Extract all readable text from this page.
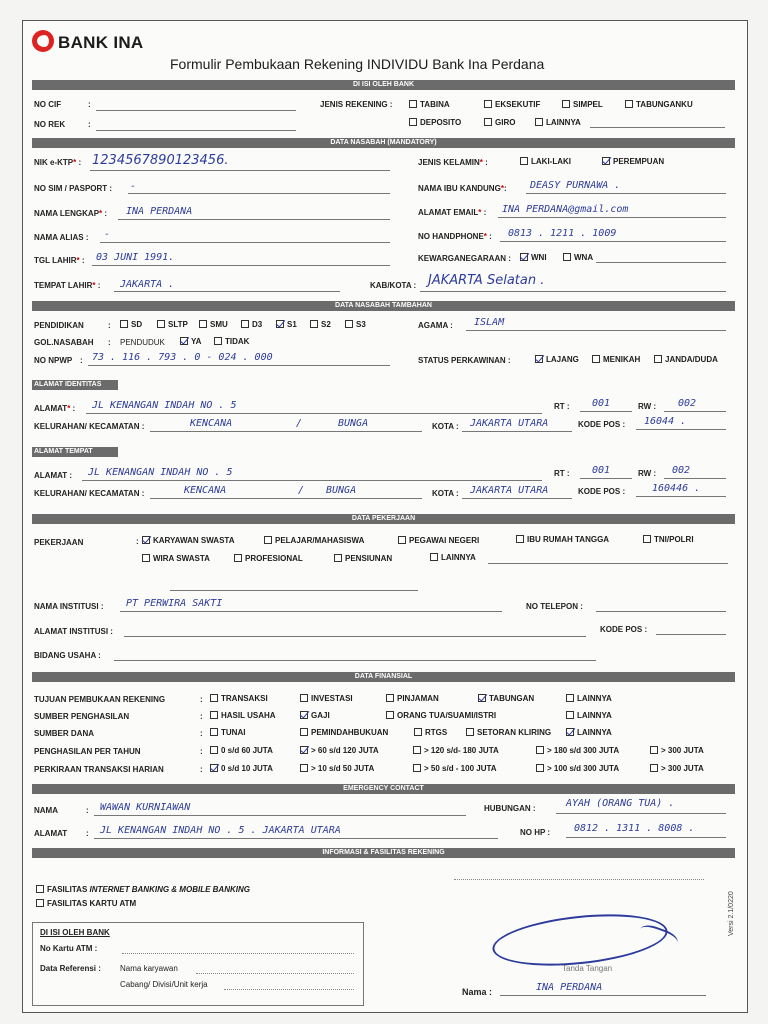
BANK INA
Formulir Pembukaan Rekening INDIVIDU Bank Ina Perdana
DI ISI OLEH BANK
NO CIF	:
NO REK	:
JENIS REKENING :	TABINA	EKSEKUTIF	SIMPEL	TABUNGANKU
DEPOSITO	GIRO	LAINNYA
DATA NASABAH (MANDATORY)
NIK e-KTP* : 1234567890123456.
NO SIM / PASPORT : -
NAMA LENGKAP* : INA PERDANA
NAMA ALIAS : -
TGL LAHIR* : 03 JUNI 1991.
TEMPAT LAHIR* : JAKARTA .
JENIS KELAMIN* :	LAKI-LAKI	PEREMPUAN
NAMA IBU KANDUNG*: DEASY PURNAWA .
ALAMAT EMAIL* : INA PERDANA@gmail.com
NO HANDPHONE* : 0813 . 1211 . 1009
KEWARGANEGARAAN :	WNI	WNA
KAB/KOTA : JAKARTA Selatan .
DATA NASABAH TAMBAHAN
PENDIDIKAN	:	SD	SLTP	SMU	D3	S1	S2	S3	AGAMA : ISLAM
GOL.NASABAH : PENDUDUK	YA	TIDAK
NO NPWP : 73 . 116 . 793 . 0 - 024 . 000	STATUS PERKAWINAN :	LAJANG	MENIKAH	JANDA/DUDA
ALAMAT IDENTITAS
ALAMAT* : JL KENANGAN INDAH NO . 5	RT : 001	RW : 002
KELURAHAN/ KECAMATAN :	KENCANA	/	BUNGA	KOTA : JAKARTA UTARA	KODE POS : 16044 .
ALAMAT TEMPAT TINGGAL
ALAMAT : JL KENANGAN INDAH NO . 5	RT : 001	RW : 002
KELURAHAN/ KECAMATAN :	KENCANA	/ BUNGA	KOTA : JAKARTA UTARA	KODE POS :	160446 .
DATA PEKERJAAN
PEKERJAAN	:	KARYAWAN SWASTA	PELAJAR/MAHASISWA	PEGAWAI NEGERI	IBU RUMAH TANGGA	TNI/POLRI
WIRA SWASTA	PROFESIONAL	PENSIUNAN	LAINNYA
NAMA INSTITUSI : PT PERWIRA SAKTI	NO TELEPON :
ALAMAT INSTITUSI :	KODE POS :
BIDANG USAHA :
DATA FINANSIAL
TUJUAN PEMBUKAAN REKENING	:	TRANSAKSI	INVESTASI	PINJAMAN	TABUNGAN	LAINNYA
SUMBER PENGHASILAN	:	HASIL USAHA	GAJI	ORANG TUA/SUAMI/ISTRI	LAINNYA
SUMBER DANA	:	TUNAI	PEMINDAHBUKUAN	RTGS	SETORAN KLIRING	LAINNYA
PENGHASILAN PER TAHUN	:	0 s/d 60 JUTA	> 60 s/d 120 JUTA	> 120 s/d- 180 JUTA	> 180 s/d 300 JUTA	> 300 JUTA
PERKIRAAN TRANSAKSI HARIAN	:	0 s/d 10 JUTA	> 10 s/d 50 JUTA	> 50 s/d - 100 JUTA	> 100 s/d 300 JUTA	> 300 JUTA
EMERGENCY CONTACT
NAMA	: WAWAN KURNIAWAN	HUBUNGAN :	AYAH (ORANG TUA) .
ALAMAT : JL KENANGAN INDAH NO . 5 . JAKARTA UTARA	NO HP : 0812 . 1311 . 8008 .
INFORMASI & FASILITAS REKENING
FASILITAS INTERNET BANKING & MOBILE BANKING
FASILITAS KARTU ATM
DI ISI OLEH BANK
No Kartu ATM :
Data Referensi : Nama karyawan
Cabang/ Divisi/Unit kerja
Tanda Tangan
Nama :	INA PERDANA
Versi 2.1/0220
